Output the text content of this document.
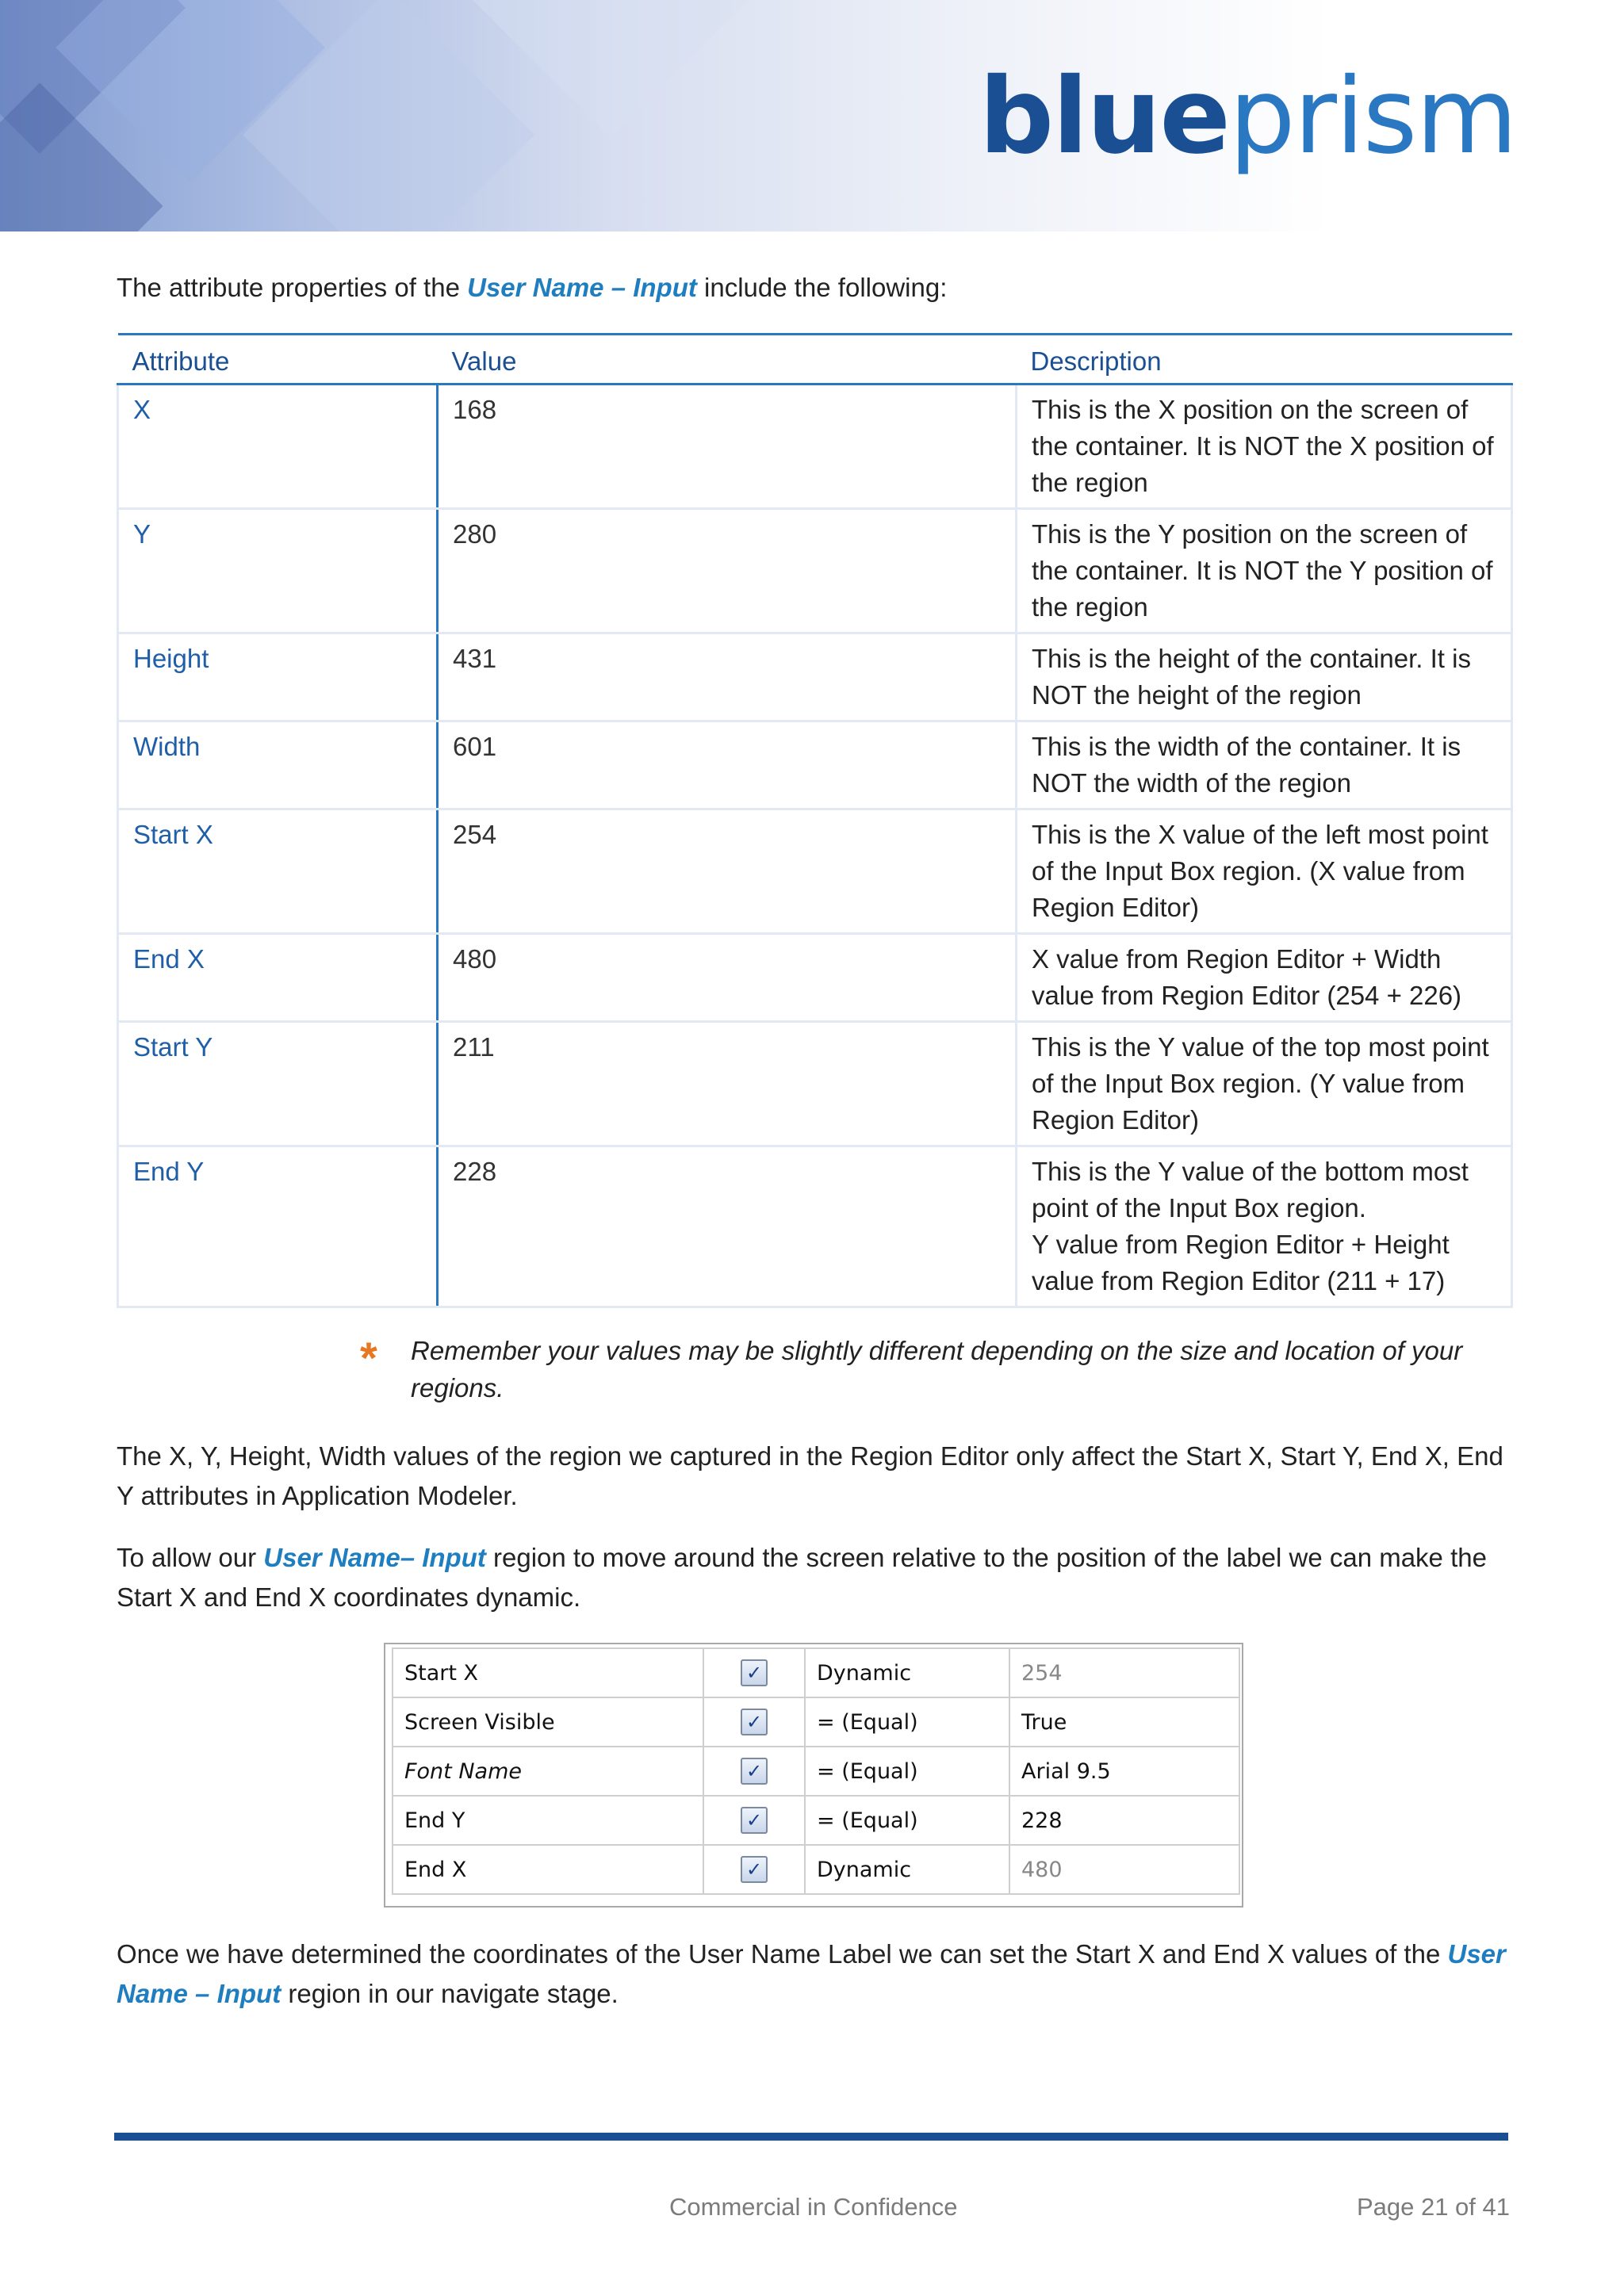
blueprism
The attribute properties of the User Name – Input include the following:
Attribute	Value	Description
X	168	This is the X position on the screen of the container. It is NOT the X position of the region
Y	280	This is the Y position on the screen of the container. It is NOT the Y position of the region
Height	431	This is the height of the container. It is NOT the height of the region
Width	601	This is the width of the container. It is NOT the width of the region
Start X	254	This is the X value of the left most point of the Input Box region. (X value from Region Editor)
End X	480	X value from Region Editor + Width value from Region Editor (254 + 226)
Start Y	211	This is the Y value of the top most point of the Input Box region. (Y value from Region Editor)
End Y	228	This is the Y value of the bottom most point of the Input Box region.
Y value from Region Editor + Height value from Region Editor (211 + 17)
* Remember your values may be slightly different depending on the size and location of your regions.
The X, Y, Height, Width values of the region we captured in the Region Editor only affect the Start X, Start Y, End X, End Y attributes in Application Modeler.
To allow our User Name– Input region to move around the screen relative to the position of the label we can make the Start X and End X coordinates dynamic.
Start X	✓	Dynamic	254
Screen Visible	✓	= (Equal)	True
Font Name	✓	= (Equal)	Arial 9.5
End Y	✓	= (Equal)	228
End X	✓	Dynamic	480
Once we have determined the coordinates of the User Name Label we can set the Start X and End X values of the User Name – Input region in our navigate stage.
Commercial in Confidence	Page 21 of 41
